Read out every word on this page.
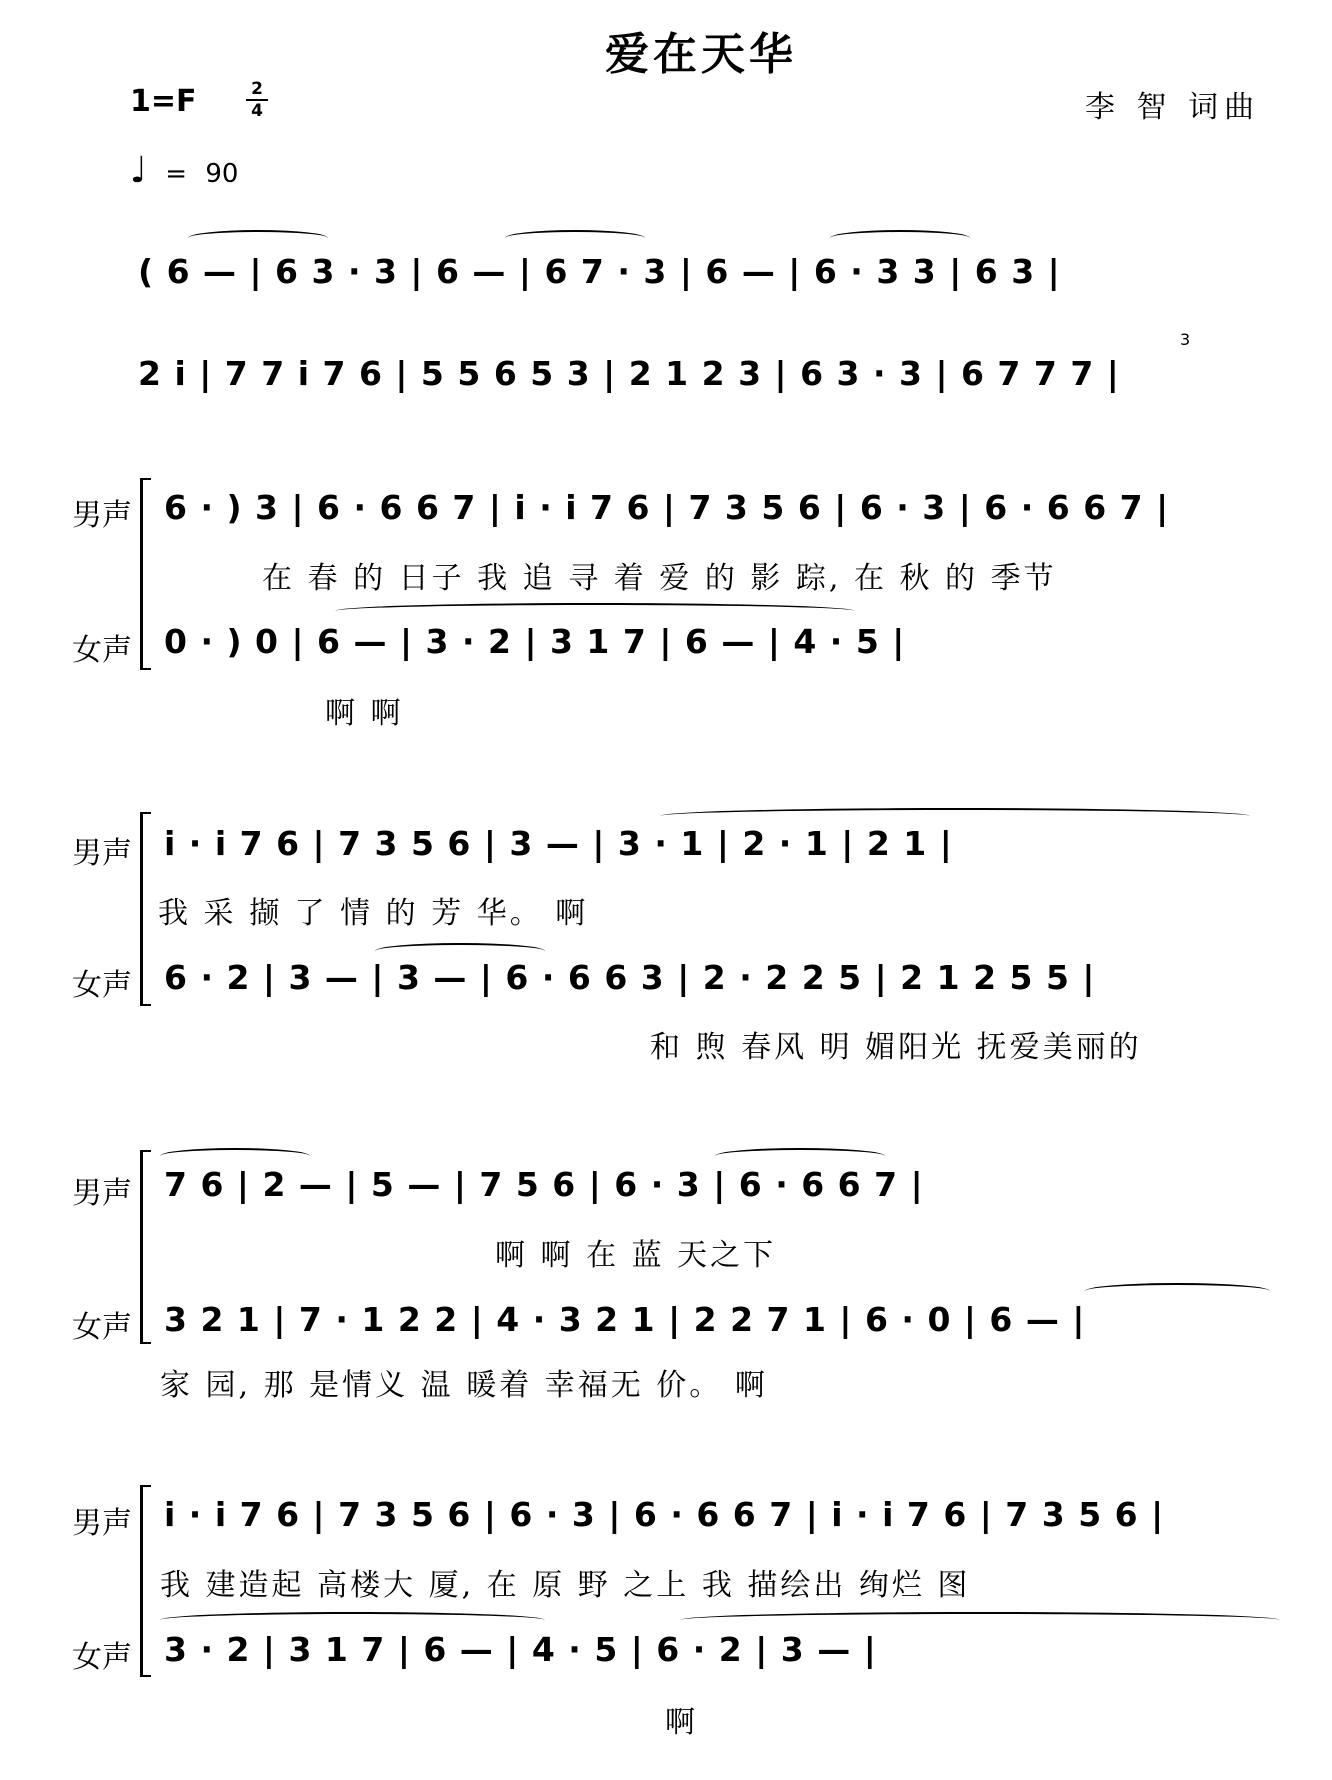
爱在天华
1=F	2
4	李 智 词曲
♩ = 90
( 6 — | 6 3 · 3 | 6 — | 6 7 · 3 | 6 — | 6 · 3 3 | 6 3 |
2 i | 7 7 i 7 6 | 5 5 6 5 3 | 2 1 2 3 | 6 3 · 3 | 6 7 7 7 |
3
男声
女声
6 · ) 3 | 6 · 6 6 7 | i · i 7 6 | 7 3 5 6 | 6 · 3 | 6 · 6 6 7 |
在 春 的 日子 我 追 寻 着 爱 的 影 踪, 在 秋 的 季节
0 · ) 0 | 6 — | 3 · 2 | 3 1 7 | 6 — | 4 · 5 |
啊 啊
男声
女声
i · i 7 6 | 7 3 5 6 | 3 — | 3 · 1 | 2 · 1 | 2 1 |
我 采 撷 了 情 的 芳 华。 啊
6 · 2 | 3 — | 3 — | 6 · 6 6 3 | 2 · 2 2 5 | 2 1 2 5 5 |
和 煦 春风 明 媚阳光 抚爱美丽的
男声
女声
7 6 | 2 — | 5 — | 7 5 6 | 6 · 3 | 6 · 6 6 7 |
啊 啊 在 蓝 天之下
3 2 1 | 7 · 1 2 2 | 4 · 3 2 1 | 2 2 7 1 | 6 · 0 | 6 — |
家 园, 那 是情义 温 暖着 幸福无 价。 啊
男声
女声
i · i 7 6 | 7 3 5 6 | 6 · 3 | 6 · 6 6 7 | i · i 7 6 | 7 3 5 6 |
我 建造起 高楼大 厦, 在 原 野 之上 我 描绘出 绚烂 图
3 · 2 | 3 1 7 | 6 — | 4 · 5 | 6 · 2 | 3 — |
啊
